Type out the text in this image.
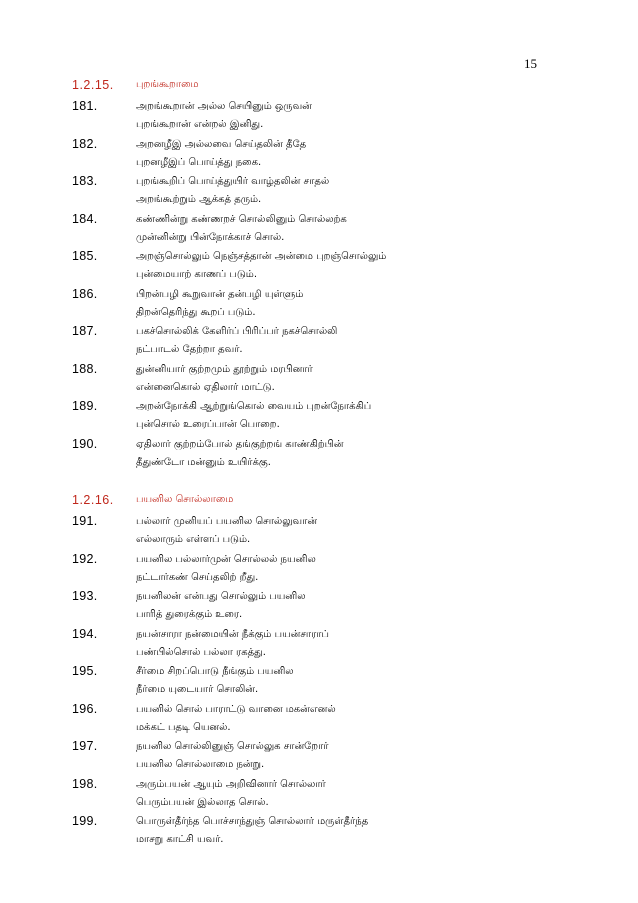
15
1.2.15.	புறங்கூறாமை
181.	அறங்கூறான் அல்ல செயினும் ஒருவன்
புறங்கூறான் என்றல் இனிது.
182.	அறனழீஇ அல்லவை செய்தலின் தீதே
புறனழீஇப் பொய்த்து நகை.
183.	புறங்கூறிப் பொய்த்துயிர் வாழ்தலின் சாதல்
அறங்கூற்றும் ஆக்கத் தரும்.
184.	கண்ணின்று கண்ணறச் சொல்லினும் சொல்லற்க
முன்னின்று பின்நோக்காச் சொல்.
185.	அறஞ்சொல்லும் நெஞ்சத்தான் அன்மை புறஞ்சொல்லும்
புன்மையாற் காணப் படும்.
186.	பிறன்பழி கூறுவான் தன்பழி யுள்ளும்
திறன்தெரிந்து கூறப் படும்.
187.	பகச்சொல்லிக் கேளிர்ப் பிரிப்பர் நகச்சொல்லி
நட்பாடல் தேற்றா தவர்.
188.	துன்னியார் குற்றமும் தூற்றும் மரபினார்
என்னைகொல் ஏதிலார் மாட்டு.
189.	அறன்நோக்கி ஆற்றுங்கொல் வையம் புறன்நோக்கிப்
புன்சொல் உரைப்பான் பொறை.
190.	ஏதிலார் குற்றம்போல் தங்குற்றங் காண்கிற்பின்
தீதுண்டோ மன்னும் உயிர்க்கு.
1.2.16.	பயனில சொல்லாமை
191.	பல்லார் முனியப் பயனில சொல்லுவான்
எல்லாரும் எள்ளப் படும்.
192.	பயனில பல்லார்முன் சொல்லல் நயனில
நட்டார்கண் செய்தலிற் றீது.
193.	நயனிலன் என்பது சொல்லும் பயனில
பாரித் துரைக்கும் உரை.
194.	நயன்சாரா நன்மையின் நீக்கும் பயன்சாராப்
பண்பில்சொல் பல்லா ரகத்து.
195.	சீர்மை சிறப்பொடு நீங்கும் பயனில
நீர்மை யுடையார் சொலின்.
196.	பயனில் சொல் பாராட்டு வானை மகன்எனல்
மக்கட் பதடி யெனல்.
197.	நயனில சொல்லினுஞ் சொல்லுக சான்றோர்
பயனில சொல்லாமை நன்று.
198.	அரும்பயன் ஆயும் அறிவினார் சொல்லார்
பெரும்பயன் இல்லாத சொல்.
199.	பொருள்தீர்ந்த பொச்சாந்துஞ் சொல்லார் மருள்தீர்ந்த
மாசறு காட்சி யவர்.
